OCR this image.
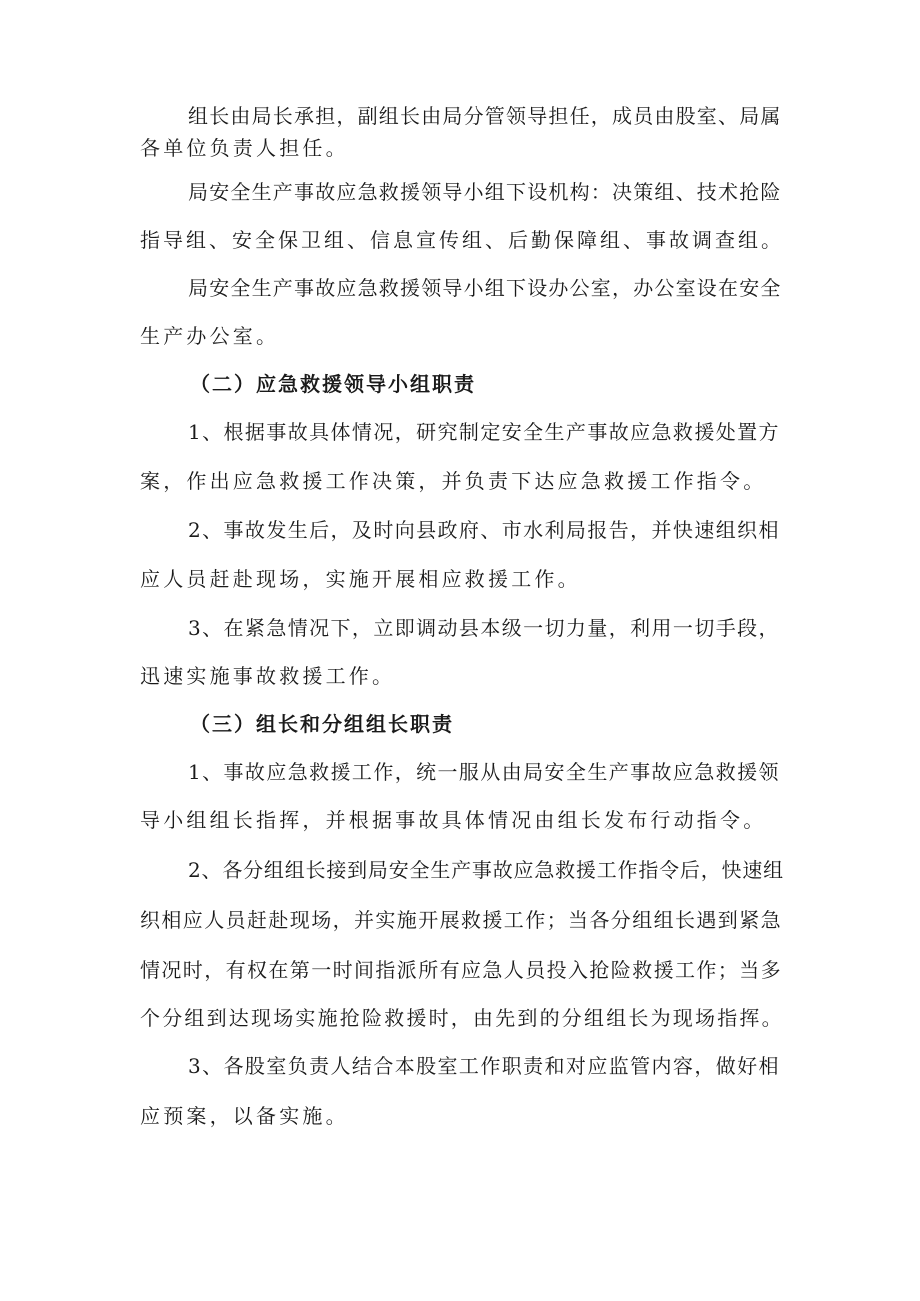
组长由局长承担，副组长由局分管领导担任，成员由股室、局属
各单位负责人担任。
局安全生产事故应急救援领导小组下设机构：决策组、技术抢险
指导组、安全保卫组、信息宣传组、后勤保障组、事故调查组。
局安全生产事故应急救援领导小组下设办公室，办公室设在安全
生产办公室。
（二）应急救援领导小组职责
1、根据事故具体情况，研究制定安全生产事故应急救援处置方
案，作出应急救援工作决策，并负责下达应急救援工作指令。
2、事故发生后，及时向县政府、市水利局报告，并快速组织相
应人员赶赴现场，实施开展相应救援工作。
3、在紧急情况下，立即调动县本级一切力量，利用一切手段，
迅速实施事故救援工作。
（三）组长和分组组长职责
1、事故应急救援工作，统一服从由局安全生产事故应急救援领
导小组组长指挥，并根据事故具体情况由组长发布行动指令。
2、各分组组长接到局安全生产事故应急救援工作指令后，快速组
织相应人员赶赴现场，并实施开展救援工作；当各分组组长遇到紧急
情况时，有权在第一时间指派所有应急人员投入抢险救援工作；当多
个分组到达现场实施抢险救援时，由先到的分组组长为现场指挥。
3、各股室负责人结合本股室工作职责和对应监管内容，做好相
应预案，以备实施。
